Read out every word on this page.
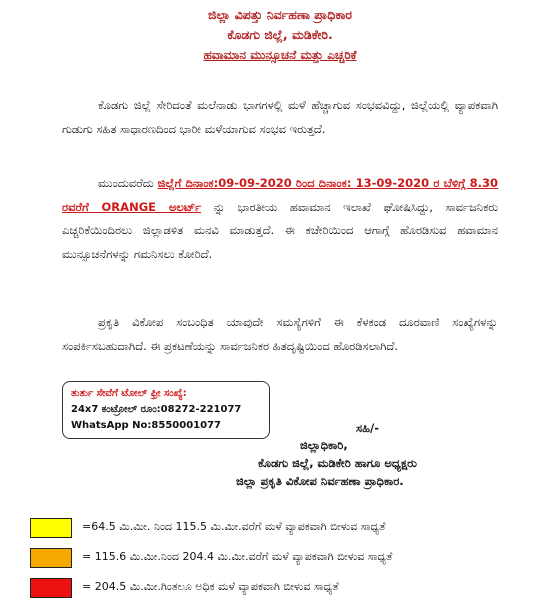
ಜಿಲ್ಲಾ ವಿಪತ್ತು ನಿರ್ವಹಣಾ ಪ್ರಾಧಿಕಾರ
ಕೊಡಗು ಜಿಲ್ಲೆ, ಮಡಿಕೇರಿ.
ಹವಾಮಾನ ಮುನ್ಸೂಚನೆ ಮತ್ತು ಎಚ್ಚರಿಕೆ
ಕೊಡಗು ಜಿಲ್ಲೆ ಸೇರಿದಂತೆ ಮಲೆನಾಡು ಭಾಗಗಳಲ್ಲಿ ಮಳೆ ಹೆಚ್ಚಾಗುವ ಸಂಭವವಿದ್ದು, ಜಿಲ್ಲೆಯಲ್ಲಿ ವ್ಯಾಪಕವಾಗಿ ಗುಡುಗು ಸಹಿತ ಸಾಧಾರಣದಿಂದ ಭಾರೀ ಮಳೆಯಾಗುವ ಸಂಭವ ಇರುತ್ತದೆ.
ಮುಂದುವರೆದು ಜಿಲ್ಲೆಗೆ ದಿನಾಂಕ:09-09-2020 ರಿಂದ ದಿನಾಂಕ: 13-09-2020 ರ ಬೆಳಿಗ್ಗೆ 8.30 ರವರೆಗೆ ORANGE ಅಲರ್ಟ್ ನ್ನು ಭಾರತೀಯ ಹವಾಮಾನ ಇಲಾಖೆ ಘೋಷಿಸಿದ್ದು, ಸಾರ್ವಜನಿಕರು ಎಚ್ಚರಿಕೆಯಿಂದಿರಲು ಜಿಲ್ಲಾಡಳಿತ ಮನವಿ ಮಾಡುತ್ತದೆ. ಈ ಕಚೇರಿಯಿಂದ ಆಗಾಗ್ಗೆ ಹೊರಡಿಸುವ ಹವಾಮಾನ ಮುನ್ಸೂಚನೆಗಳನ್ನು ಗಮನಿಸಲು ಕೋರಿದೆ.
ಪ್ರಕೃತಿ ವಿಕೋಪ ಸಂಬಂಧಿತ ಯಾವುದೇ ಸಮಸ್ಯೆಗಳಿಗೆ ಈ ಕೆಳಕಂಡ ದೂರವಾಣಿ ಸಂಖ್ಯೆಗಳನ್ನು ಸಂಪರ್ಕಿಸಬಹುದಾಗಿದೆ. ಈ ಪ್ರಕಟಣೆಯನ್ನು ಸಾರ್ವಜನಿಕರ ಹಿತದೃಷ್ಟಿಯಿಂದ ಹೊರಡಿಸಲಾಗಿದೆ.
ತುರ್ತು ಸೇವೆಗೆ ಟೋಲ್ ಫ್ರೀ ಸಂಖ್ಯೆ:
24x7 ಕಂಟ್ರೋಲ್ ರೂಂ:08272-221077
WhatsApp No:8550001077	ಸಹಿ/-
ಜಿಲ್ಲಾಧಿಕಾರಿ,
ಕೊಡಗು ಜಿಲ್ಲೆ, ಮಡಿಕೇರಿ ಹಾಗೂ ಅಧ್ಯಕ್ಷರು
ಜಿಲ್ಲಾ ಪ್ರಕೃತಿ ವಿಕೋಪ ನಿರ್ವಹಣಾ ಪ್ರಾಧಿಕಾರ.
=64.5 ಮಿ.ಮೀ. ನಿಂದ 115.5 ಮಿ.ಮೀ.ವರೆಗೆ ಮಳೆ ವ್ಯಾಪಕವಾಗಿ ಬೀಳುವ ಸಾಧ್ಯತೆ
= 115.6 ಮಿ.ಮೀ.ನಿಂದ 204.4 ಮಿ.ಮೀ.ವರೆಗೆ ಮಳೆ ವ್ಯಾಪಕವಾಗಿ ಬೀಳುವ ಸಾಧ್ಯತೆ
= 204.5 ಮಿ.ಮೀ.ಗಿಂತಲೂ ಅಧಿಕ ಮಳೆ ವ್ಯಾಪಕವಾಗಿ ಬೀಳುವ ಸಾಧ್ಯತೆ
